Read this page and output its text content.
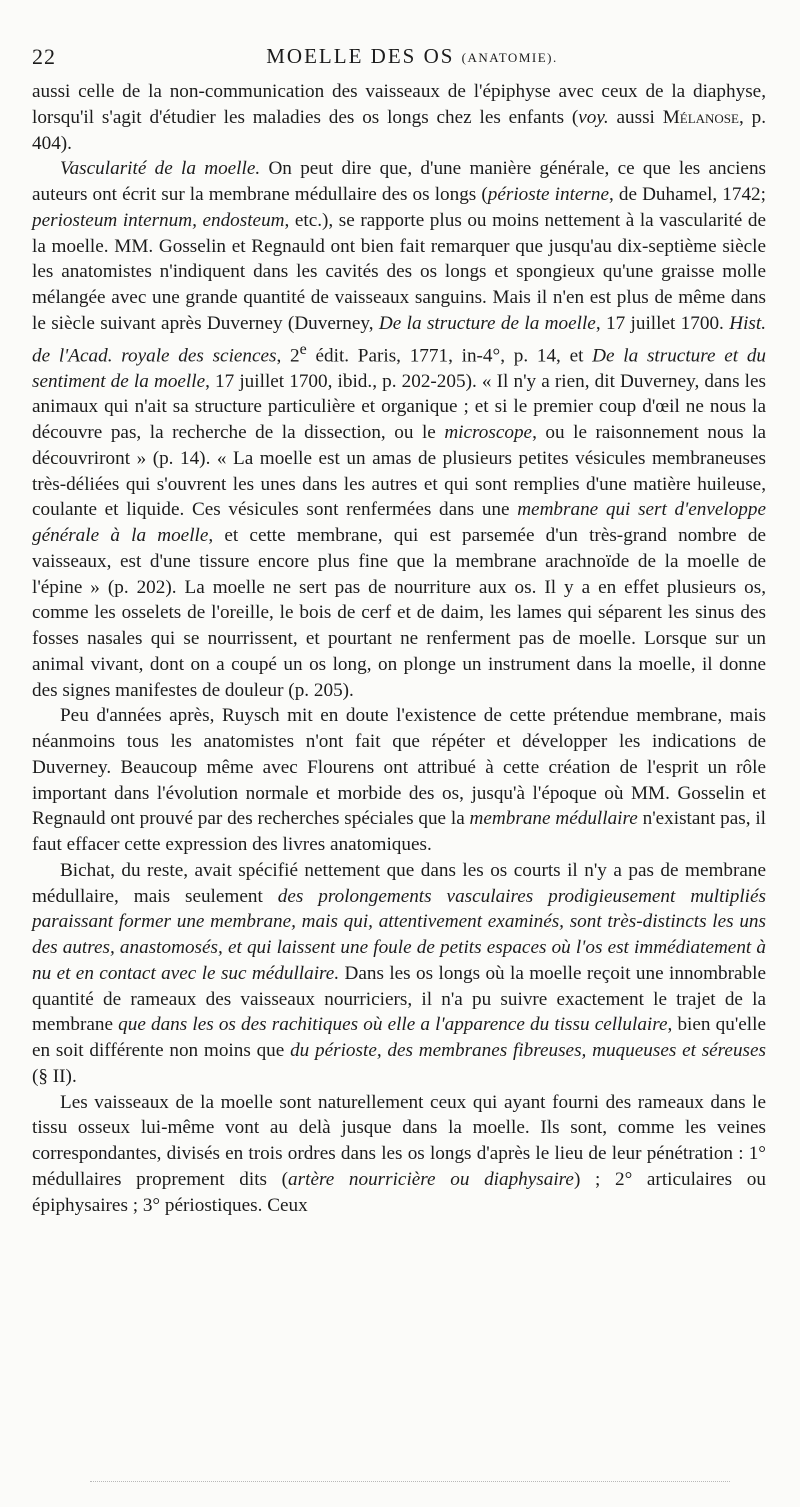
22	MOELLE DES OS (ANATOMIE).

aussi celle de la non-communication des vaisseaux de l'épiphyse avec ceux de la diaphyse, lorsqu'il s'agit d'étudier les maladies des os longs chez les enfants (voy. aussi Mélanose, p. 404).

Vascularité de la moelle. On peut dire que, d'une manière générale, ce que les anciens auteurs ont écrit sur la membrane médullaire des os longs (périoste interne, de Duhamel, 1742; periosteum internum, endosteum, etc.), se rapporte plus ou moins nettement à la vascularité de la moelle. MM. Gosselin et Regnauld ont bien fait remarquer que jusqu'au dix-septième siècle les anatomistes n'indiquent dans les cavités des os longs et spongieux qu'une graisse molle mélangée avec une grande quantité de vaisseaux sanguins. Mais il n'en est plus de même dans le siècle suivant après Duverney (Duverney, De la structure de la moelle, 17 juillet 1700. Hist. de l'Acad. royale des sciences, 2e édit. Paris, 1771, in-4°, p. 14, et De la structure et du sentiment de la moelle, 17 juillet 1700, ibid., p. 202-205). « Il n'y a rien, dit Duverney, dans les animaux qui n'ait sa structure particulière et organique ; et si le premier coup d'œil ne nous la découvre pas, la recherche de la dissection, ou le microscope, ou le raisonnement nous la découvriront » (p. 14). « La moelle est un amas de plusieurs petites vésicules membraneuses très-déliées qui s'ouvrent les unes dans les autres et qui sont remplies d'une matière huileuse, coulante et liquide. Ces vésicules sont renfermées dans une membrane qui sert d'enveloppe générale à la moelle, et cette membrane, qui est parsemée d'un très-grand nombre de vaisseaux, est d'une tissure encore plus fine que la membrane arachnoïde de la moelle de l'épine » (p. 202). La moelle ne sert pas de nourriture aux os. Il y a en effet plusieurs os, comme les osselets de l'oreille, le bois de cerf et de daim, les lames qui séparent les sinus des fosses nasales qui se nourrissent, et pourtant ne renferment pas de moelle. Lorsque sur un animal vivant, dont on a coupé un os long, on plonge un instrument dans la moelle, il donne des signes manifestes de douleur (p. 205).

Peu d'années après, Ruysch mit en doute l'existence de cette prétendue membrane, mais néanmoins tous les anatomistes n'ont fait que répéter et développer les indications de Duverney. Beaucoup même avec Flourens ont attribué à cette création de l'esprit un rôle important dans l'évolution normale et morbide des os, jusqu'à l'époque où MM. Gosselin et Regnauld ont prouvé par des recherches spéciales que la membrane médullaire n'existant pas, il faut effacer cette expression des livres anatomiques.

Bichat, du reste, avait spécifié nettement que dans les os courts il n'y a pas de membrane médullaire, mais seulement des prolongements vasculaires prodigieusement multipliés paraissant former une membrane, mais qui, attentivement examinés, sont très-distincts les uns des autres, anastomosés, et qui laissent une foule de petits espaces où l'os est immédiatement à nu et en contact avec le suc médullaire. Dans les os longs où la moelle reçoit une innombrable quantité de rameaux des vaisseaux nourriciers, il n'a pu suivre exactement le trajet de la membrane que dans les os des rachitiques où elle a l'apparence du tissu cellulaire, bien qu'elle en soit différente non moins que du périoste, des membranes fibreuses, muqueuses et séreuses (§ II).

Les vaisseaux de la moelle sont naturellement ceux qui ayant fourni des rameaux dans le tissu osseux lui-même vont au delà jusque dans la moelle. Ils sont, comme les veines correspondantes, divisés en trois ordres dans les os longs d'après le lieu de leur pénétration : 1° médullaires proprement dits (artère nourricière ou diaphysaire) ; 2° articulaires ou épiphysaires ; 3° périostiques. Ceux
